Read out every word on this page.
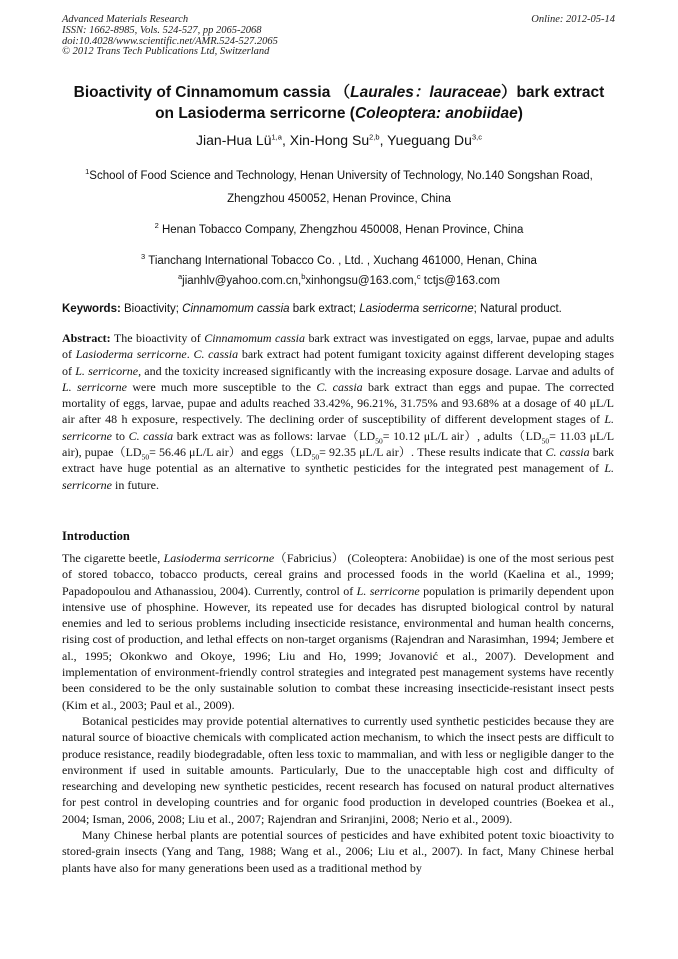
Advanced Materials Research
ISSN: 1662-8985, Vols. 524-527, pp 2065-2068
doi:10.4028/www.scientific.net/AMR.524-527.2065
© 2012 Trans Tech Publications Ltd, Switzerland
Online: 2012-05-14
Bioactivity of Cinnamomum cassia （Laurales：lauraceae）bark extract
on Lasioderma serricorne (Coleoptera: anobiidae)
Jian-Hua Lü$^{1,a}$, Xin-Hong Su$^{2,b}$, Yueguang Du$^{3,c}$
$^1$School of Food Science and Technology, Henan University of Technology, No.140 Songshan Road,
Zhengzhou 450052, Henan Province, China
$^2$ Henan Tobacco Company, Zhengzhou 450008, Henan Province, China
$^3$ Tianchang International Tobacco Co. , Ltd. , Xuchang 461000, Henan, China
$^a$jianhlv@yahoo.com.cn,$^b$xinhongsu@163.com,$^c$ tctjs@163.com
Keywords: Bioactivity; Cinnamomum cassia bark extract; Lasioderma serricorne; Natural product.
Abstract: The bioactivity of Cinnamomum cassia bark extract was investigated on eggs, larvae, pupae and adults of Lasioderma serricorne. C. cassia bark extract had potent fumigant toxicity against different developing stages of L. serricorne, and the toxicity increased significantly with the increasing exposure dosage. Larvae and adults of L. serricorne were much more susceptible to the C. cassia bark extract than eggs and pupae. The corrected mortality of eggs, larvae, pupae and adults reached 33.42%, 96.21%, 31.75% and 93.68% at a dosage of 40 μL/L air after 48 h exposure, respectively. The declining order of susceptibility of different development stages of L. serricorne to C. cassia bark extract was as follows: $larvae(LD_{50}= 10.12$ μL/L air）, $adults(LD_{50}= 11.03$ μL/L air), $pupae(LD_{50}= 56.46$ μL/L air）and $eggs(LD_{50}= 92.35$ μL/L air）. These results indicate that C. cassia bark extract have huge potential as an alternative to synthetic pesticides for the integrated pest management of L. serricorne in future.
Introduction
The cigarette beetle, Lasioderma serricorne（Fabricius） (Coleoptera: Anobiidae) is one of the most serious pest of stored tobacco, tobacco products, cereal grains and processed foods in the world (Kaelina et al., 1999; Papadopoulou and Athanassiou, 2004). Currently, control of L. serricorne population is primarily dependent upon intensive use of phosphine. However, its repeated use for decades has disrupted biological control by natural enemies and led to serious problems including insecticide resistance, environmental and human health concerns, rising cost of production, and lethal effects on non-target organisms (Rajendran and Narasimhan, 1994; Jembere et al., 1995; Okonkwo and Okoye, 1996; Liu and Ho, 1999; Jovanović et al., 2007). Development and implementation of environment-friendly control strategies and integrated pest management systems have recently been considered to be the only sustainable solution to combat these increasing insecticide-resistant insect pests (Kim et al., 2003; Paul et al., 2009).
Botanical pesticides may provide potential alternatives to currently used synthetic pesticides because they are natural source of bioactive chemicals with complicated action mechanism, to which the insect pests are difficult to produce resistance, readily biodegradable, often less toxic to mammalian, and with less or negligible danger to the environment if used in suitable amounts. Particularly, Due to the unacceptable high cost and difficulty of researching and developing new synthetic pesticides, recent research has focused on natural product alternatives for pest control in developing countries and for organic food production in developed countries (Boekea et al., 2004; Isman, 2006, 2008; Liu et al., 2007; Rajendran and Sriranjini, 2008; Nerio et al., 2009).
Many Chinese herbal plants are potential sources of pesticides and have exhibited potent toxic bioactivity to stored-grain insects (Yang and Tang, 1988; Wang et al., 2006; Liu et al., 2007). In fact, Many Chinese herbal plants have also for many generations been used as a traditional method by
